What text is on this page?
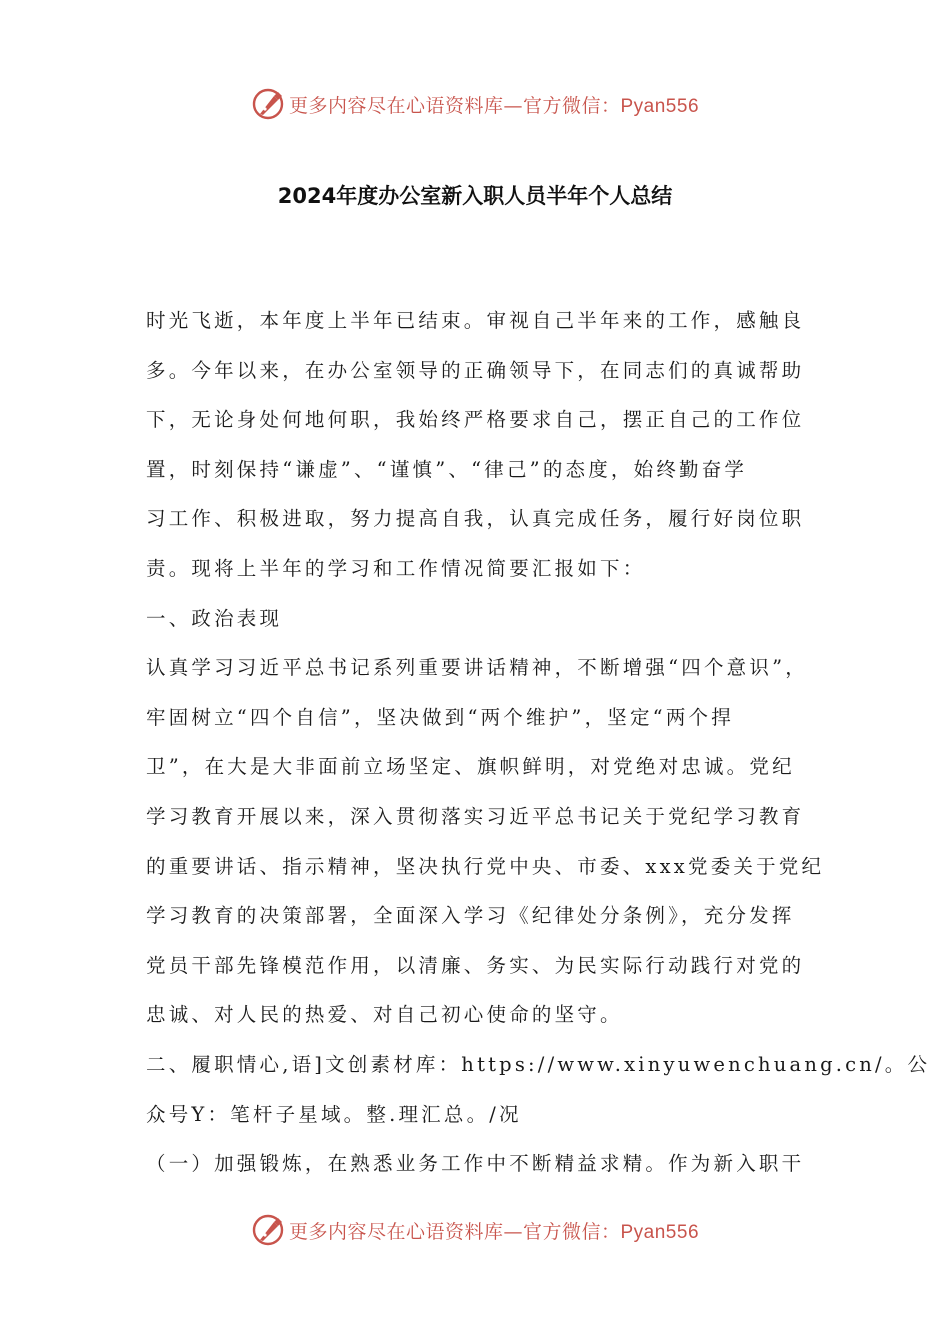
更多内容尽在心语资料库—官方微信：Pyan556
2024年度办公室新入职人员半年个人总结
时光飞逝，本年度上半年已结束。审视自己半年来的工作，感触良
多。今年以来，在办公室领导的正确领导下，在同志们的真诚帮助
下，无论身处何地何职，我始终严格要求自己，摆正自己的工作位
置，时刻保持“谦虚”、“谨慎”、“律己”的态度，始终勤奋学
习工作、积极进取，努力提高自我，认真完成任务，履行好岗位职
责。现将上半年的学习和工作情况简要汇报如下：
一、政治表现
认真学习习近平总书记系列重要讲话精神，不断增强“四个意识”，
牢固树立“四个自信”，坚决做到“两个维护”，坚定“两个捍
卫”，在大是大非面前立场坚定、旗帜鲜明，对党绝对忠诚。党纪
学习教育开展以来，深入贯彻落实习近平总书记关于党纪学习教育
的重要讲话、指示精神，坚决执行党中央、市委、xxx党委关于党纪
学习教育的决策部署，全面深入学习《纪律处分条例》，充分发挥
党员干部先锋模范作用，以清廉、务实、为民实际行动践行对党的
忠诚、对人民的热爱、对自己初心使命的坚守。
二、履职情心,语]文创素材库：https://www.xinyuwenchuang.cn/。公
众号Y：笔杆子星域。整.理汇总。/况
（一）加强锻炼，在熟悉业务工作中不断精益求精。作为新入职干
更多内容尽在心语资料库—官方微信：Pyan556
